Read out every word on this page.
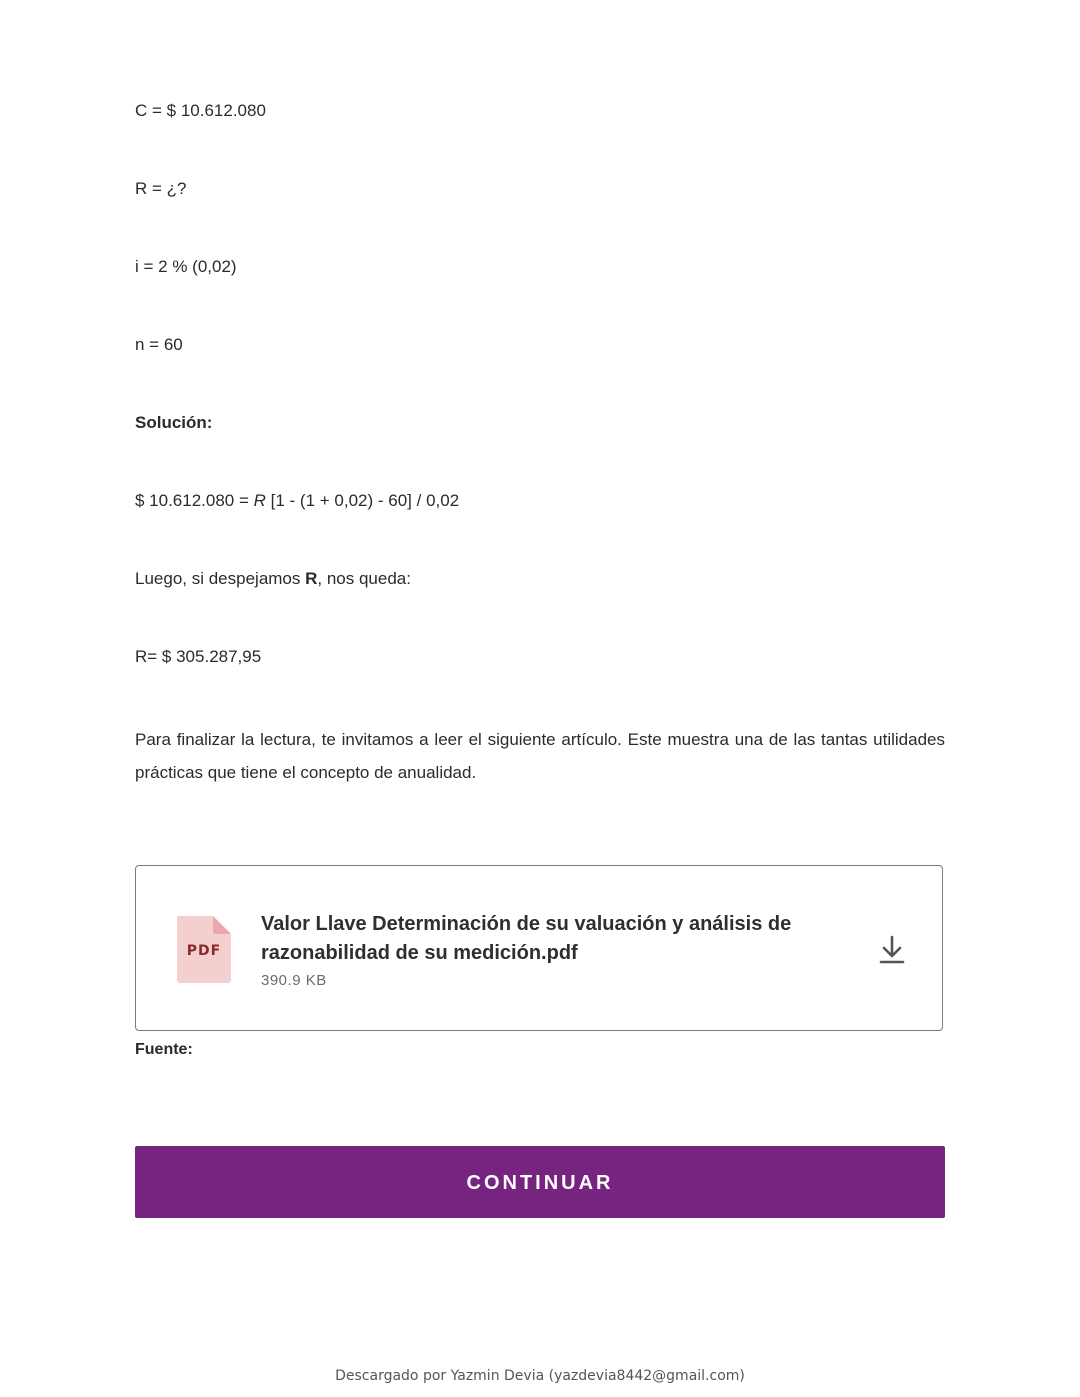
C = $ 10.612.080
R = ¿?
i = 2 % (0,02)
n = 60
Solución:
$ 10.612.080 = R [1 - (1 + 0,02) - 60] / 0,02
Luego, si despejamos R, nos queda:
R= $ 305.287,95
Para finalizar la lectura, te invitamos a leer el siguiente artículo. Este muestra una de las tantas utilidades prácticas que tiene el concepto de anualidad.
PDF
Valor Llave Determinación de su valuación y análisis de razonabilidad de su medición.pdf
390.9 KB
Fuente:
CONTINUAR
Descargado por Yazmin Devia (yazdevia8442@gmail.com)
